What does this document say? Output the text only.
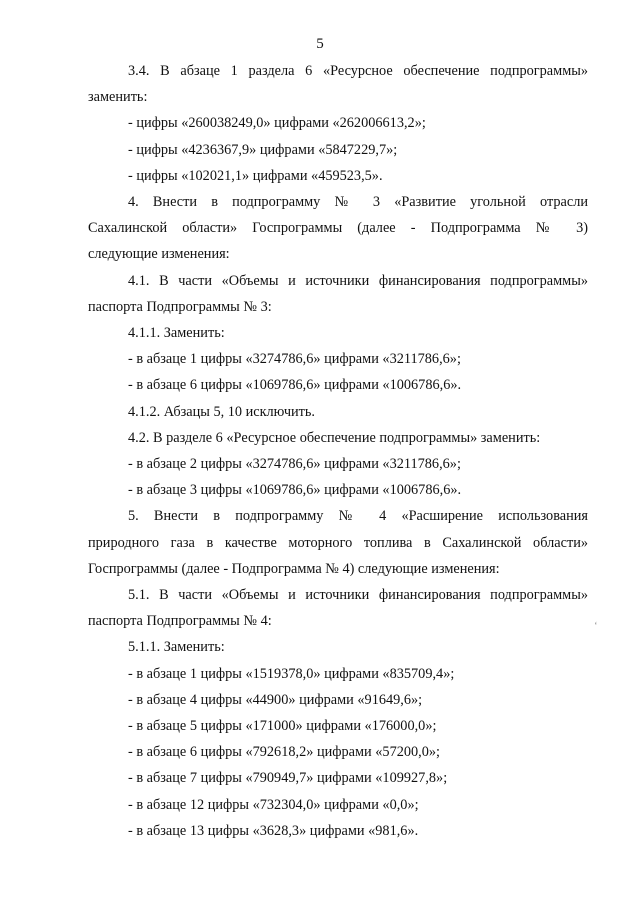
5

3.4. В абзаце 1 раздела 6 «Ресурсное обеспечение подпрограммы»

заменить:

- цифры «260038249,0» цифрами «262006613,2»;

- цифры «4236367,9» цифрами «5847229,7»;

- цифры «102021,1» цифрами «459523,5».

4. Внести в подпрограмму № 3 «Развитие угольной отрасли

Сахалинской области» Госпрограммы (далее - Подпрограмма № 3)

следующие изменения:

4.1. В части «Объемы и источники финансирования подпрограммы»

паспорта Подпрограммы № 3:

4.1.1. Заменить:

- в абзаце 1 цифры «3274786,6» цифрами «3211786,6»;

- в абзаце 6 цифры «1069786,6» цифрами «1006786,6».

4.1.2. Абзацы 5, 10 исключить.

4.2. В разделе 6 «Ресурсное обеспечение подпрограммы» заменить:

- в абзаце 2 цифры «3274786,6» цифрами «3211786,6»;

- в абзаце 3 цифры «1069786,6» цифрами «1006786,6».

5. Внести в подпрограмму № 4 «Расширение использования

природного газа в качестве моторного топлива в Сахалинской области»

Госпрограммы (далее - Подпрограмма № 4) следующие изменения:

5.1. В части «Объемы и источники финансирования подпрограммы»

паспорта Подпрограммы № 4:

5.1.1. Заменить:

- в абзаце 1 цифры «1519378,0» цифрами «835709,4»;

- в абзаце 4 цифры «44900» цифрами «91649,6»;

- в абзаце 5 цифры «171000» цифрами «176000,0»;

- в абзаце 6 цифры «792618,2» цифрами «57200,0»;

- в абзаце 7 цифры «790949,7» цифрами «109927,8»;

- в абзаце 12 цифры «732304,0» цифрами «0,0»;

- в абзаце 13 цифры «3628,3» цифрами «981,6».

‘
